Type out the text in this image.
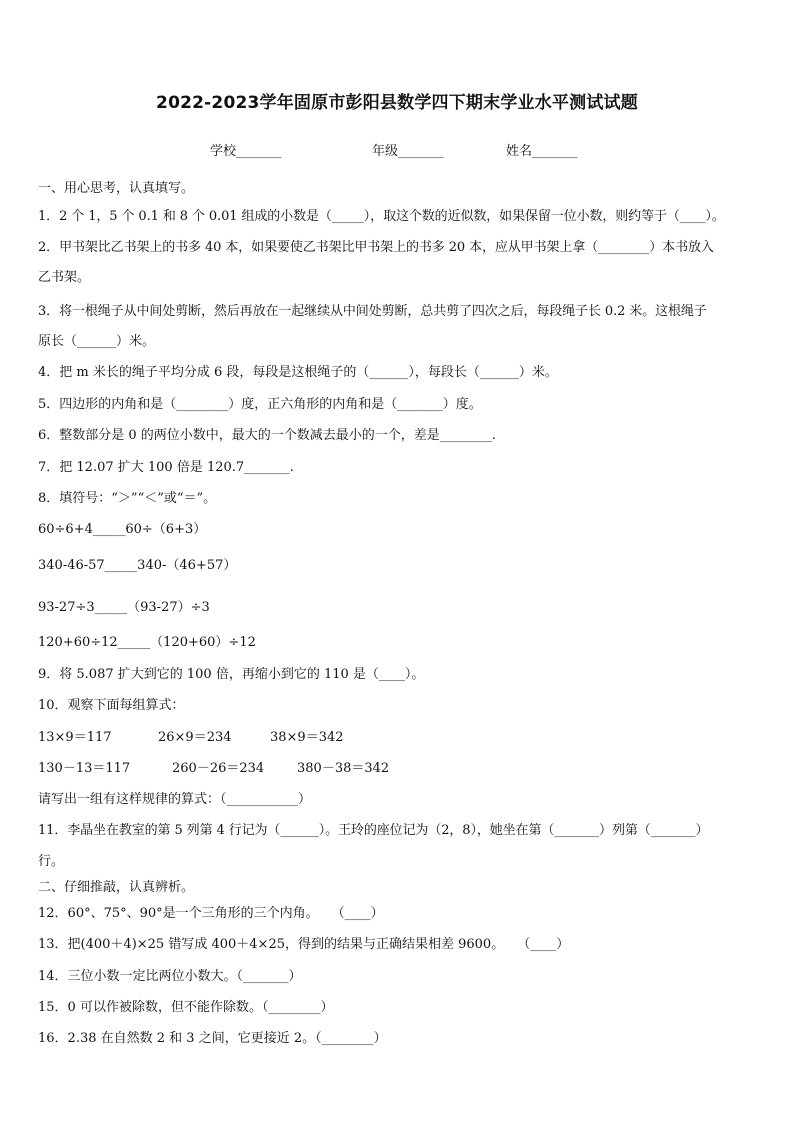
2022-2023学年固原市彭阳县数学四下期末学业水平测试试题
学校_______	年级_______	姓名_______
一、用心思考，认真填写。
1．2 个 1，5 个 0.1 和 8 个 0.01 组成的小数是（_____），取这个数的近似数，如果保留一位小数，则约等于（____）。
2．甲书架比乙书架上的书多 40 本，如果要使乙书架比甲书架上的书多 20 本，应从甲书架上拿（________）本书放入
乙书架。
3．将一根绳子从中间处剪断，然后再放在一起继续从中间处剪断，总共剪了四次之后，每段绳子长 0.2 米。这根绳子
原长（______）米。
4．把 m 米长的绳子平均分成 6 段，每段是这根绳子的（______），每段长（______）米。
5．四边形的内角和是（________）度，正六角形的内角和是（_______）度。
6．整数部分是 0 的两位小数中，最大的一个数减去最小的一个，差是________.
7．把 12.07 扩大 100 倍是 120.7_______.
8．填符号：“＞”“＜”或“＝”。
60÷6+4_____60÷（6+3）
340-46-57_____340-（46+57）
93-27÷3_____（93-27）÷3
120+60÷12_____（120+60）÷12
9．将 5.087 扩大到它的 100 倍，再缩小到它的 110 是（____）。
10．观察下面每组算式：
13×9＝117	26×9＝234	38×9＝342
130－13＝117	260－26＝234	380－38＝342
请写出一组有这样规律的算式：（___________）
11．李晶坐在教室的第 5 列第 4 行记为（______）。王玲的座位记为（2，8），她坐在第（_______）列第（_______）
行。
二、仔细推敲，认真辨析。
12．60°、75°、90°是一个三角形的三个内角。　　（____）
13．把(400＋4)×25 错写成 400＋4×25，得到的结果与正确结果相差 9600。　　（____）
14．三位小数一定比两位小数大。（_______）
15．0 可以作被除数，但不能作除数。（________）
16．2.38 在自然数 2 和 3 之间，它更接近 2。（________）
